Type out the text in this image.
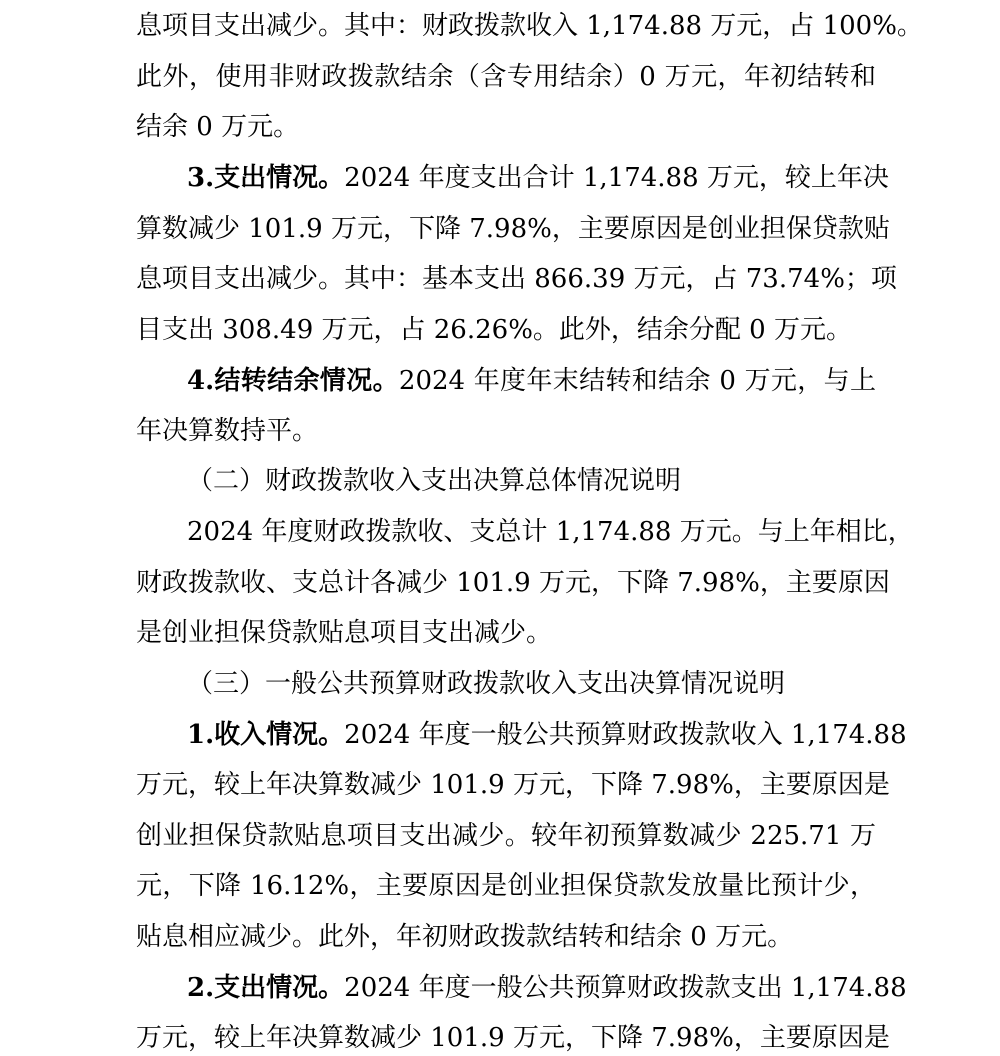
息项目支出减少。其中：财政拨款收入 1,174.88 万元，占 100%。
此外，使用非财政拨款结余（含专用结余）0 万元，年初结转和
结余 0 万元。
3.支出情况。2024 年度支出合计 1,174.88 万元，较上年决
算数减少 101.9 万元，下降 7.98%，主要原因是创业担保贷款贴
息项目支出减少。其中：基本支出 866.39 万元，占 73.74%；项
目支出 308.49 万元，占 26.26%。此外，结余分配 0 万元。
4.结转结余情况。2024 年度年末结转和结余 0 万元，与上
年决算数持平。
（二）财政拨款收入支出决算总体情况说明
2024 年度财政拨款收、支总计 1,174.88 万元。与上年相比，
财政拨款收、支总计各减少 101.9 万元，下降 7.98%，主要原因
是创业担保贷款贴息项目支出减少。
（三）一般公共预算财政拨款收入支出决算情况说明
1.收入情况。2024 年度一般公共预算财政拨款收入 1,174.88
万元，较上年决算数减少 101.9 万元，下降 7.98%，主要原因是
创业担保贷款贴息项目支出减少。较年初预算数减少 225.71 万
元，下降 16.12%，主要原因是创业担保贷款发放量比预计少，
贴息相应减少。此外，年初财政拨款结转和结余 0 万元。
2.支出情况。2024 年度一般公共预算财政拨款支出 1,174.88
万元，较上年决算数减少 101.9 万元，下降 7.98%，主要原因是
